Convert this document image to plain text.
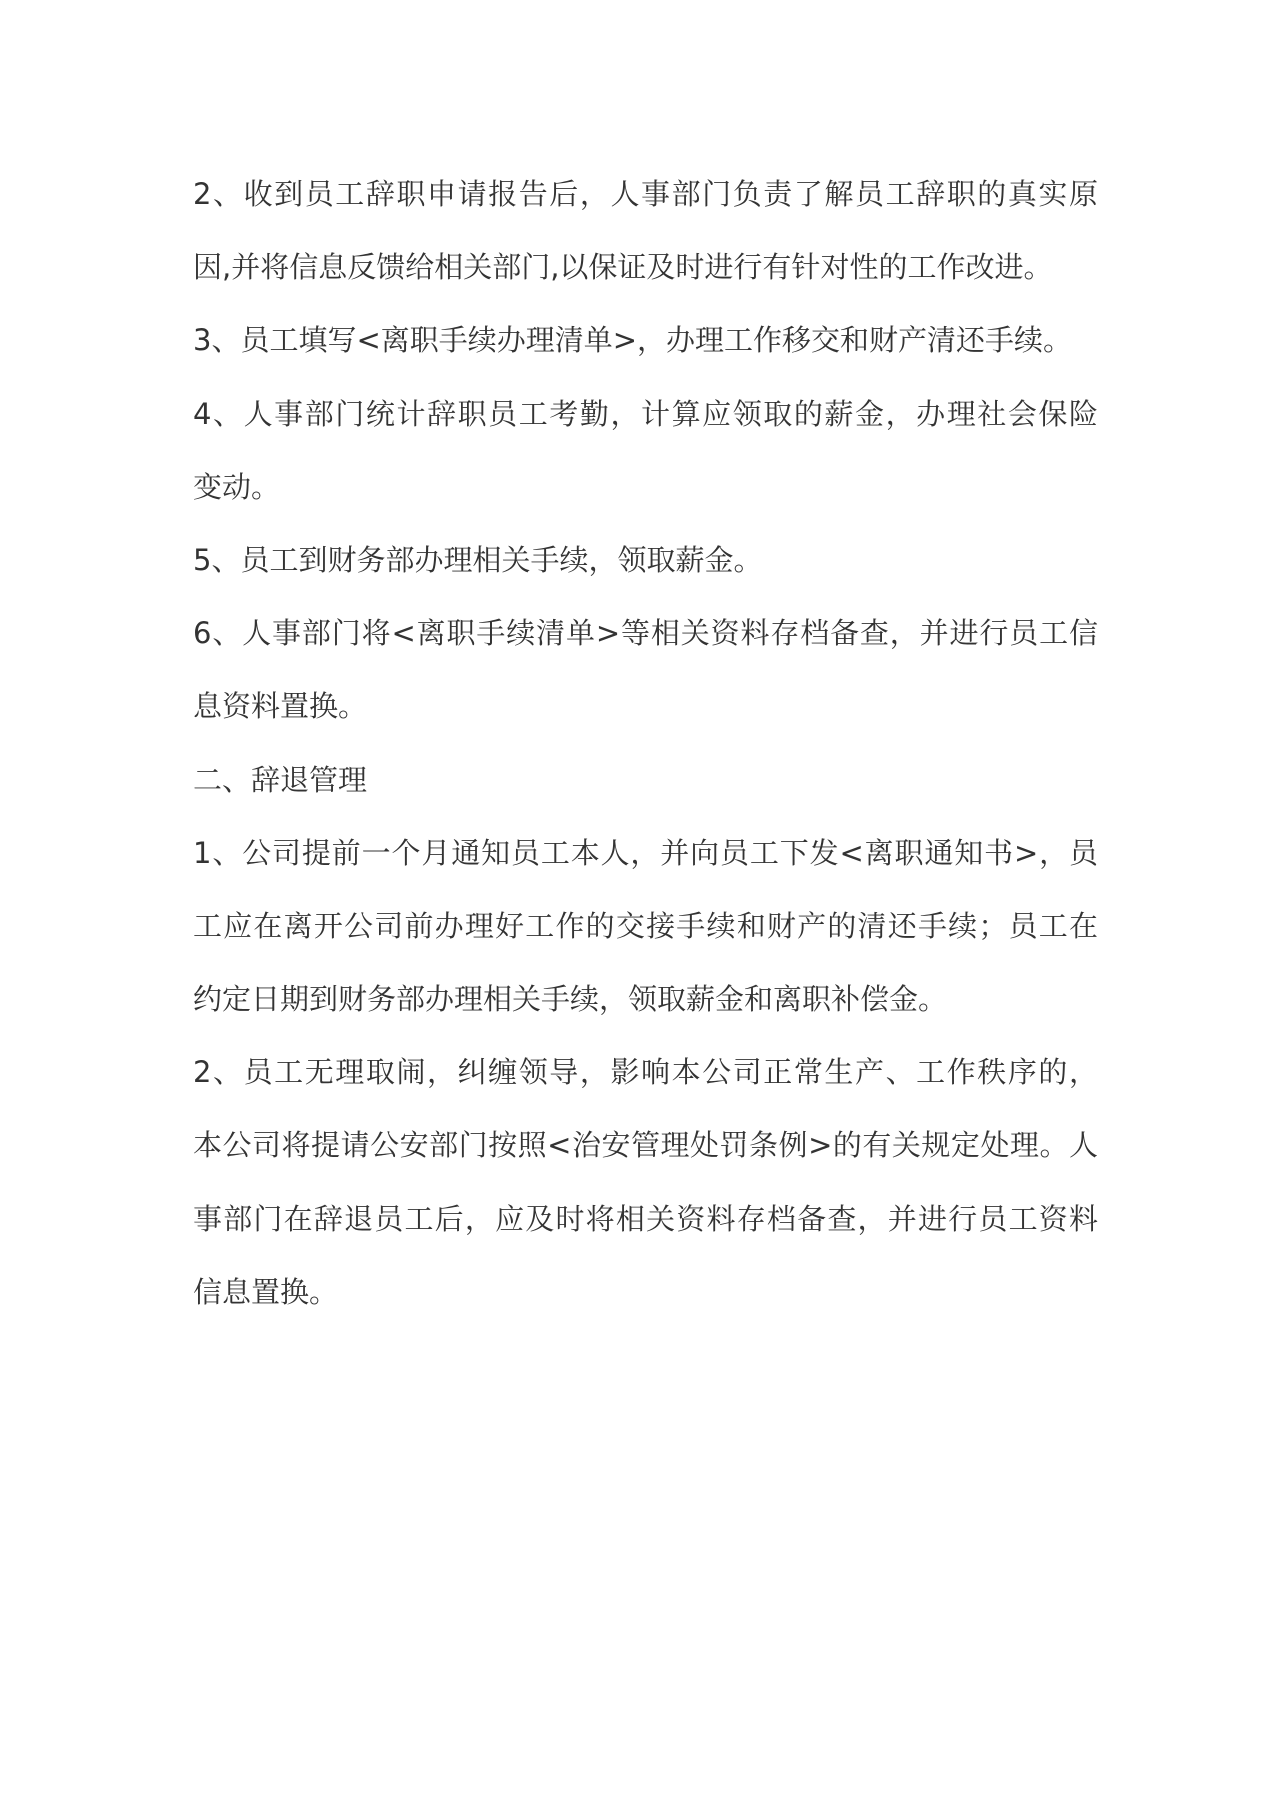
2、收到员工辞职申请报告后，人事部门负责了解员工辞职的真实原
因,并将信息反馈给相关部门,以保证及时进行有针对性的工作改进。

3、员工填写<离职手续办理清单>，办理工作移交和财产清还手续。

4、人事部门统计辞职员工考勤，计算应领取的薪金，办理社会保险
变动。

5、员工到财务部办理相关手续，领取薪金。

6、人事部门将<离职手续清单>等相关资料存档备查，并进行员工信
息资料置换。

二、辞退管理

1、公司提前一个月通知员工本人，并向员工下发<离职通知书>，员
工应在离开公司前办理好工作的交接手续和财产的清还手续；员工在
约定日期到财务部办理相关手续，领取薪金和离职补偿金。

2、员工无理取闹，纠缠领导，影响本公司正常生产、工作秩序的，
本公司将提请公安部门按照<治安管理处罚条例>的有关规定处理。人
事部门在辞退员工后，应及时将相关资料存档备查，并进行员工资料
信息置换。
